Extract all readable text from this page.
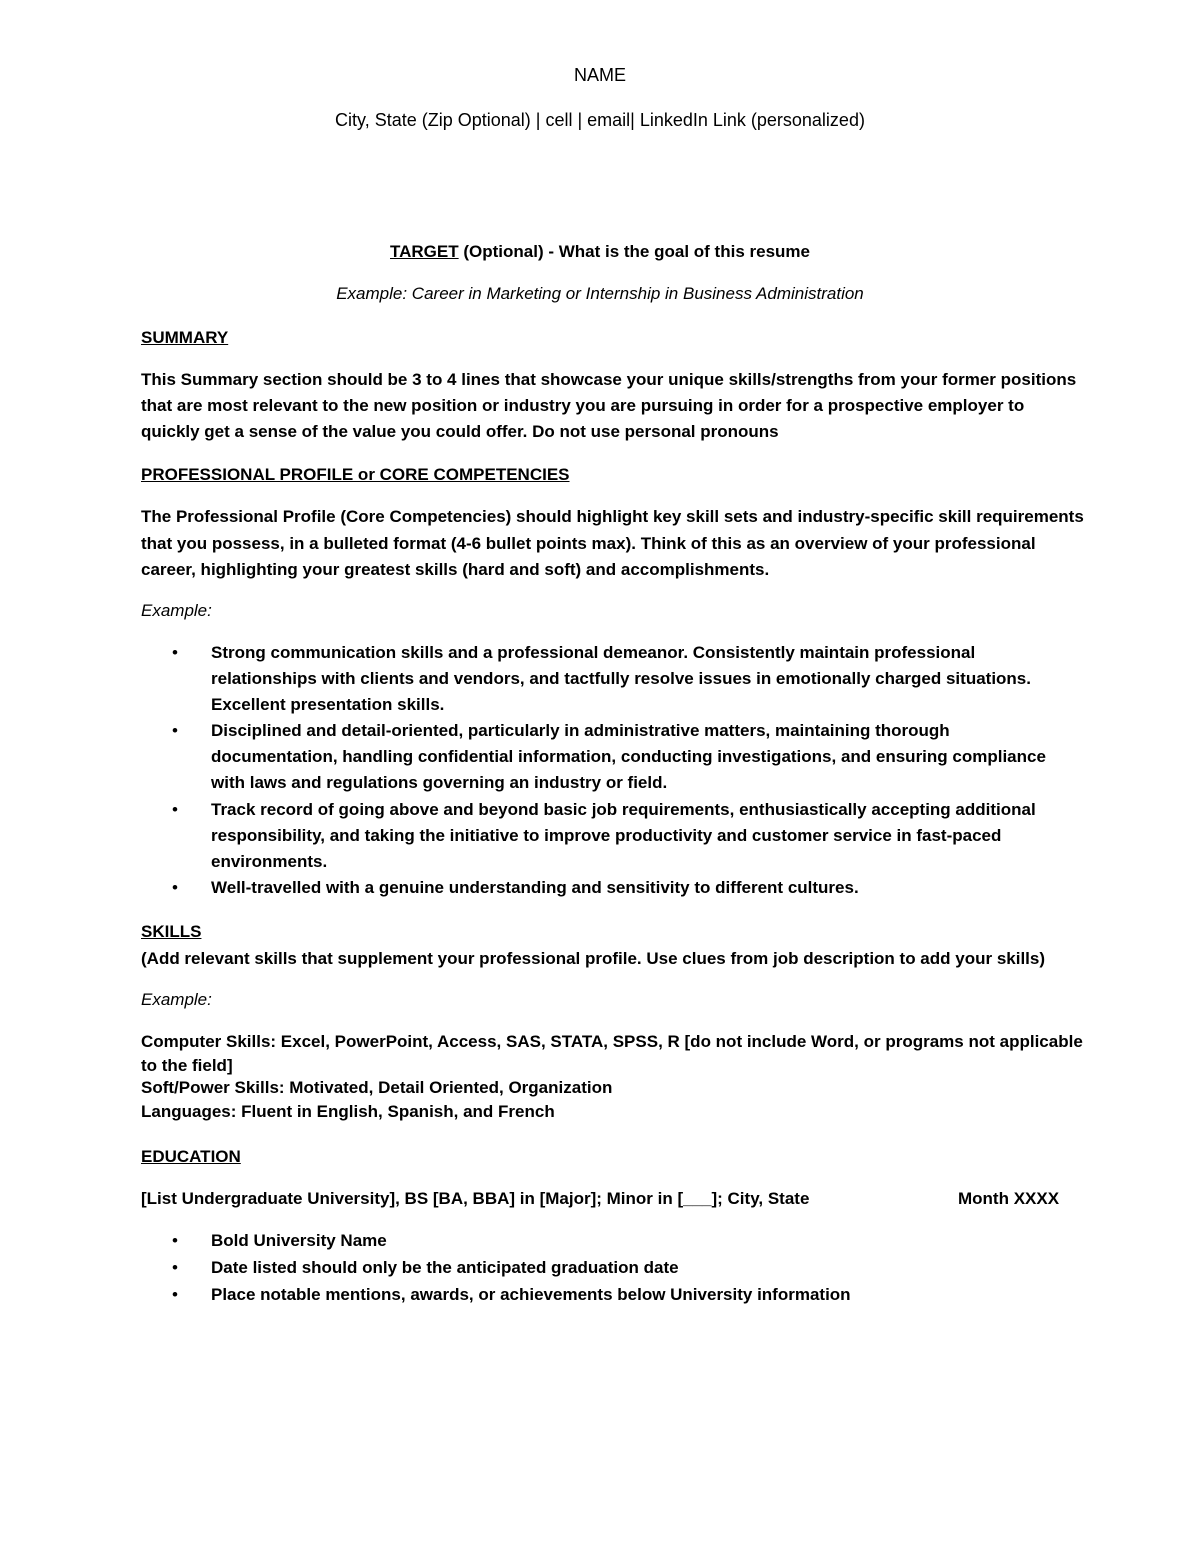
NAME
City, State (Zip Optional) | cell | email| LinkedIn Link (personalized)
TARGET (Optional) - What is the goal of this resume
Example: Career in Marketing or Internship in Business Administration
SUMMARY
This Summary section should be 3 to 4 lines that showcase your unique skills/strengths from your former positions
that are most relevant to the new position or industry you are pursuing in order for a prospective employer to
quickly get a sense of the value you could offer. Do not use personal pronouns
PROFESSIONAL PROFILE or CORE COMPETENCIES
The Professional Profile (Core Competencies) should highlight key skill sets and industry-specific skill requirements
that you possess, in a bulleted format (4-6 bullet points max). Think of this as an overview of your professional
career, highlighting your greatest skills (hard and soft) and accomplishments.
Example:
• Strong communication skills and a professional demeanor. Consistently maintain professional
relationships with clients and vendors, and tactfully resolve issues in emotionally charged situations.
Excellent presentation skills.
• Disciplined and detail-oriented, particularly in administrative matters, maintaining thorough
documentation, handling confidential information, conducting investigations, and ensuring compliance
with laws and regulations governing an industry or field.
• Track record of going above and beyond basic job requirements, enthusiastically accepting additional
responsibility, and taking the initiative to improve productivity and customer service in fast-paced
environments.
• Well-travelled with a genuine understanding and sensitivity to different cultures.
SKILLS
(Add relevant skills that supplement your professional profile. Use clues from job description to add your skills)
Example:
Computer Skills: Excel, PowerPoint, Access, SAS, STATA, SPSS, R [do not include Word, or programs not applicable
to the field]
Soft/Power Skills: Motivated, Detail Oriented, Organization
Languages: Fluent in English, Spanish, and French
EDUCATION
[List Undergraduate University], BS [BA, BBA] in [Major]; Minor in [___]; City, State	Month XXXX
• Bold University Name
• Date listed should only be the anticipated graduation date
• Place notable mentions, awards, or achievements below University information
